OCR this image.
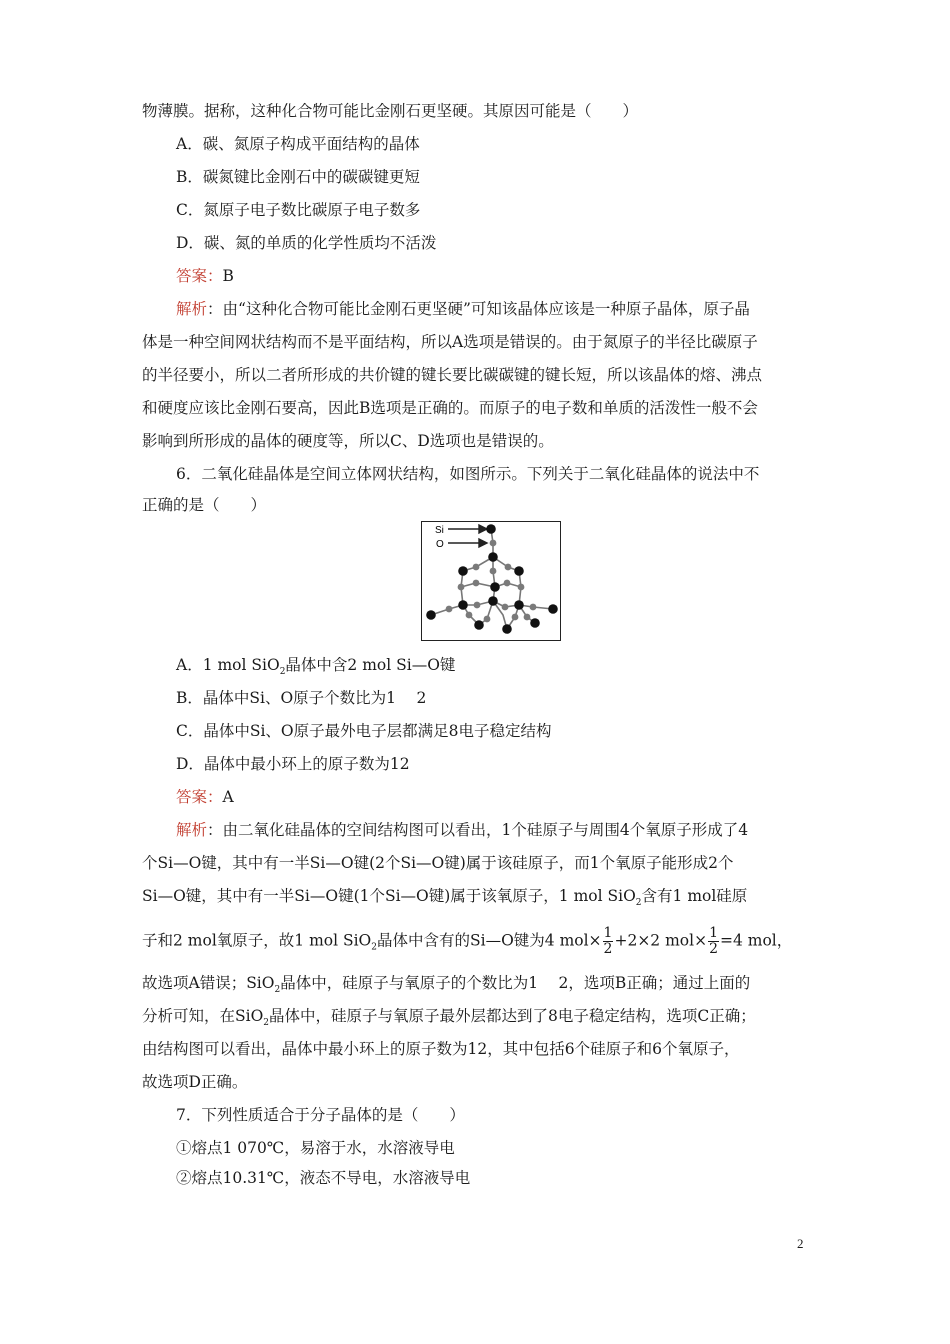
物薄膜。据称，这种化合物可能比金刚石更坚硬。其原因可能是（　　）
A．碳、氮原子构成平面结构的晶体
B．碳氮键比金刚石中的碳碳键更短
C．氮原子电子数比碳原子电子数多
D．碳、氮的单质的化学性质均不活泼
答案：B
解析：由“这种化合物可能比金刚石更坚硬”可知该晶体应该是一种原子晶体，原子晶
体是一种空间网状结构而不是平面结构，所以A选项是错误的。由于氮原子的半径比碳原子
的半径要小，所以二者所形成的共价键的键长要比碳碳键的键长短，所以该晶体的熔、沸点
和硬度应该比金刚石要高，因此B选项是正确的。而原子的电子数和单质的活泼性一般不会
影响到所形成的晶体的硬度等，所以C、D选项也是错误的。
6．二氧化硅晶体是空间立体网状结构，如图所示。下列关于二氧化硅晶体的说法中不
正确的是（　　）
Si
O
A．1 mol SiO$_2$晶体中含2 mol Si—O键
B．晶体中Si、O原子个数比为1　 2
C．晶体中Si、O原子最外电子层都满足8电子稳定结构
D．晶体中最小环上的原子数为12
答案：A
解析：由二氧化硅晶体的空间结构图可以看出，1个硅原子与周围4个氧原子形成了4
个Si—O键，其中有一半Si—O键(2个Si—O键)属于该硅原子，而1个氧原子能形成2个
Si—O键，其中有一半Si—O键(1个Si—O键)属于该氧原子，1 mol SiO$_2$含有1 mol硅原
子和2 mol氧原子，故1 mol SiO$_2$晶体中含有的Si—O键为4 $mol\times \frac{1}{2} +2\times 2$ $mol\times \frac{1}{2} =4$ mol，
故选项A错误；SiO$_2$晶体中，硅原子与氧原子的个数比为1　 2，选项B正确；通过上面的
分析可知，在SiO$_2$晶体中，硅原子与氧原子最外层都达到了8电子稳定结构，选项C正确；
由结构图可以看出，晶体中最小环上的原子数为12，其中包括6个硅原子和6个氧原子，
故选项D正确。
7．下列性质适合于分子晶体的是（　　）
①熔点1 070℃，易溶于水，水溶液导电
②熔点10.31℃，液态不导电，水溶液导电
2
